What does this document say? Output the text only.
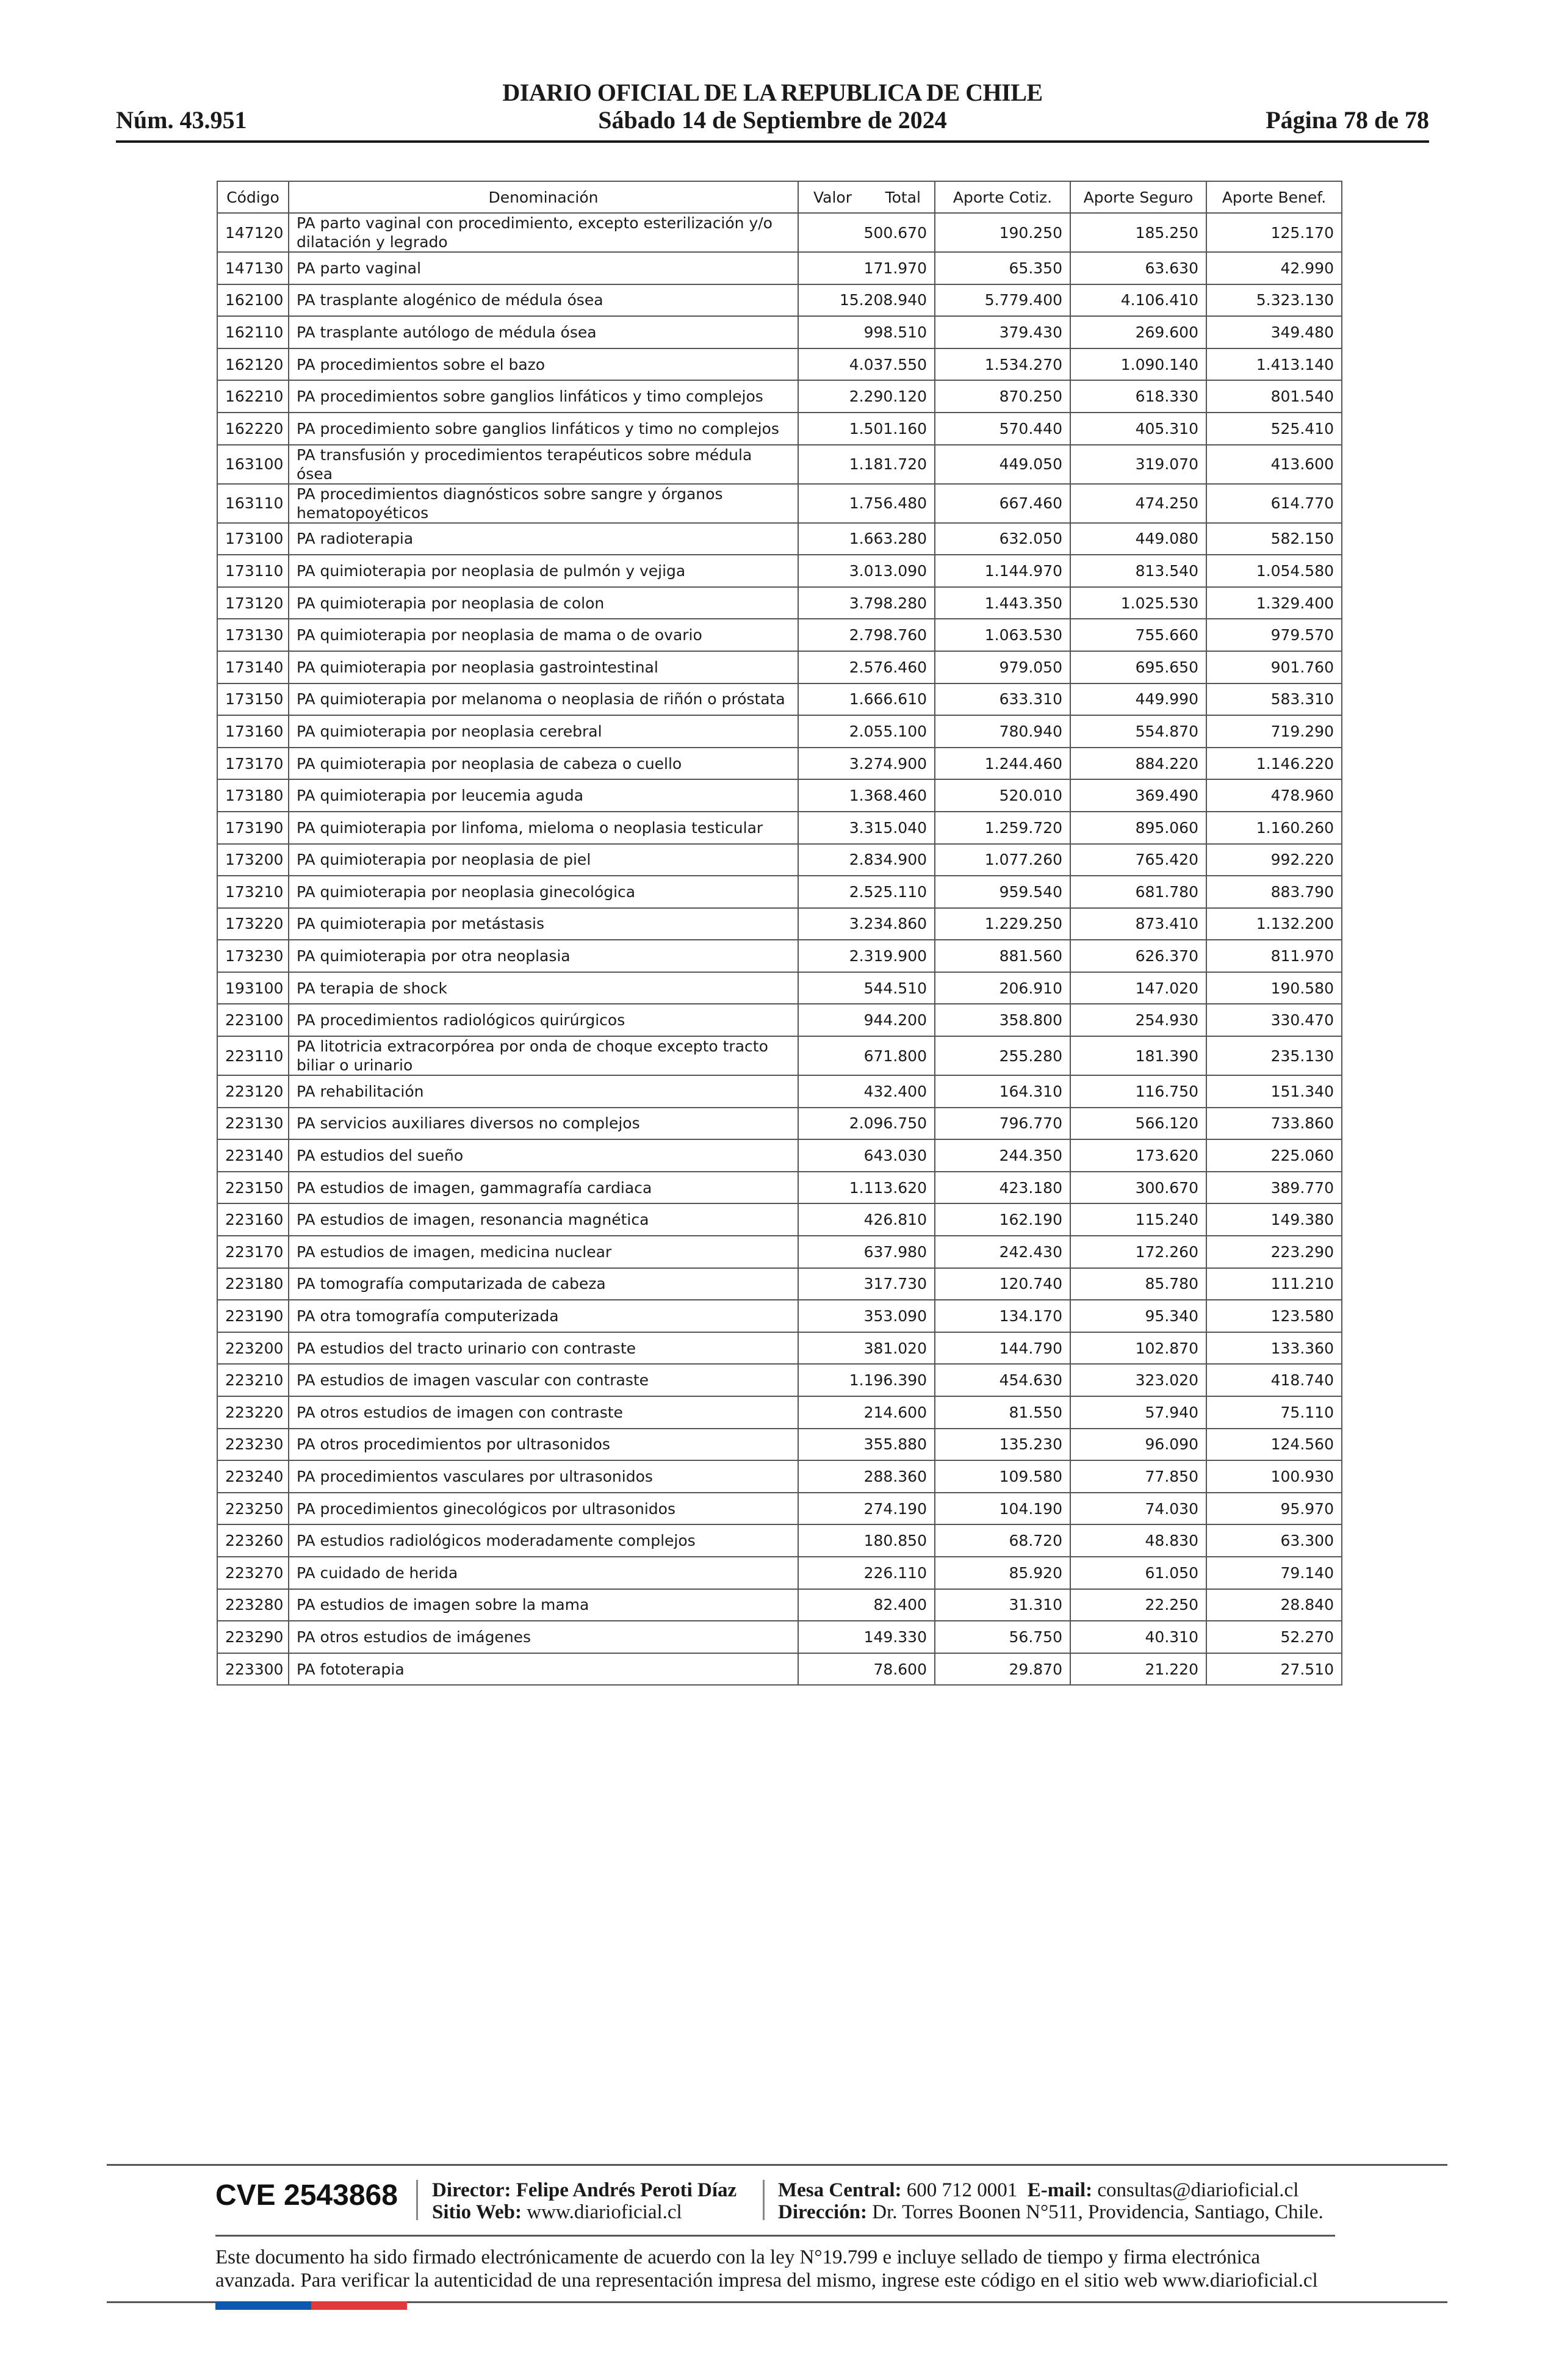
DIARIO OFICIAL DE LA REPUBLICA DE CHILE
Sábado 14 de Septiembre de 2024
Núm. 43.951	Página 78 de 78
Código	Denominación	Valor Total	Aporte Cotiz.	Aporte Seguro	Aporte Benef.
147120	PA parto vaginal con procedimiento, excepto esterilización y/o dilatación y legrado	500.670	190.250	185.250	125.170
147130	PA parto vaginal	171.970	65.350	63.630	42.990
162100	PA trasplante alogénico de médula ósea	15.208.940	5.779.400	4.106.410	5.323.130
162110	PA trasplante autólogo de médula ósea	998.510	379.430	269.600	349.480
162120	PA procedimientos sobre el bazo	4.037.550	1.534.270	1.090.140	1.413.140
162210	PA procedimientos sobre ganglios linfáticos y timo complejos	2.290.120	870.250	618.330	801.540
162220	PA procedimiento sobre ganglios linfáticos y timo no complejos	1.501.160	570.440	405.310	525.410
163100	PA transfusión y procedimientos terapéuticos sobre médula ósea	1.181.720	449.050	319.070	413.600
163110	PA procedimientos diagnósticos sobre sangre y órganos hematopoyéticos	1.756.480	667.460	474.250	614.770
173100	PA radioterapia	1.663.280	632.050	449.080	582.150
173110	PA quimioterapia por neoplasia de pulmón y vejiga	3.013.090	1.144.970	813.540	1.054.580
173120	PA quimioterapia por neoplasia de colon	3.798.280	1.443.350	1.025.530	1.329.400
173130	PA quimioterapia por neoplasia de mama o de ovario	2.798.760	1.063.530	755.660	979.570
173140	PA quimioterapia por neoplasia gastrointestinal	2.576.460	979.050	695.650	901.760
173150	PA quimioterapia por melanoma o neoplasia de riñón o próstata	1.666.610	633.310	449.990	583.310
173160	PA quimioterapia por neoplasia cerebral	2.055.100	780.940	554.870	719.290
173170	PA quimioterapia por neoplasia de cabeza o cuello	3.274.900	1.244.460	884.220	1.146.220
173180	PA quimioterapia por leucemia aguda	1.368.460	520.010	369.490	478.960
173190	PA quimioterapia por linfoma, mieloma o neoplasia testicular	3.315.040	1.259.720	895.060	1.160.260
173200	PA quimioterapia por neoplasia de piel	2.834.900	1.077.260	765.420	992.220
173210	PA quimioterapia por neoplasia ginecológica	2.525.110	959.540	681.780	883.790
173220	PA quimioterapia por metástasis	3.234.860	1.229.250	873.410	1.132.200
173230	PA quimioterapia por otra neoplasia	2.319.900	881.560	626.370	811.970
193100	PA terapia de shock	544.510	206.910	147.020	190.580
223100	PA procedimientos radiológicos quirúrgicos	944.200	358.800	254.930	330.470
223110	PA litotricia extracorpórea por onda de choque excepto tracto biliar o urinario	671.800	255.280	181.390	235.130
223120	PA rehabilitación	432.400	164.310	116.750	151.340
223130	PA servicios auxiliares diversos no complejos	2.096.750	796.770	566.120	733.860
223140	PA estudios del sueño	643.030	244.350	173.620	225.060
223150	PA estudios de imagen, gammagrafía cardiaca	1.113.620	423.180	300.670	389.770
223160	PA estudios de imagen, resonancia magnética	426.810	162.190	115.240	149.380
223170	PA estudios de imagen, medicina nuclear	637.980	242.430	172.260	223.290
223180	PA tomografía computarizada de cabeza	317.730	120.740	85.780	111.210
223190	PA otra tomografía computerizada	353.090	134.170	95.340	123.580
223200	PA estudios del tracto urinario con contraste	381.020	144.790	102.870	133.360
223210	PA estudios de imagen vascular con contraste	1.196.390	454.630	323.020	418.740
223220	PA otros estudios de imagen con contraste	214.600	81.550	57.940	75.110
223230	PA otros procedimientos por ultrasonidos	355.880	135.230	96.090	124.560
223240	PA procedimientos vasculares por ultrasonidos	288.360	109.580	77.850	100.930
223250	PA procedimientos ginecológicos por ultrasonidos	274.190	104.190	74.030	95.970
223260	PA estudios radiológicos moderadamente complejos	180.850	68.720	48.830	63.300
223270	PA cuidado de herida	226.110	85.920	61.050	79.140
223280	PA estudios de imagen sobre la mama	82.400	31.310	22.250	28.840
223290	PA otros estudios de imágenes	149.330	56.750	40.310	52.270
223300	PA fototerapia	78.600	29.870	21.220	27.510
CVE 2543868 Director: Felipe Andrés Peroti Díaz
Sitio Web: www.diarioficial.cl
Mesa Central: 600 712 0001 E-mail: consultas@diarioficial.cl
Dirección: Dr. Torres Boonen N°511, Providencia, Santiago, Chile.
Este documento ha sido firmado electrónicamente de acuerdo con la ley N°19.799 e incluye sellado de tiempo y firma electrónica
avanzada. Para verificar la autenticidad de una representación impresa del mismo, ingrese este código en el sitio web www.diarioficial.cl
